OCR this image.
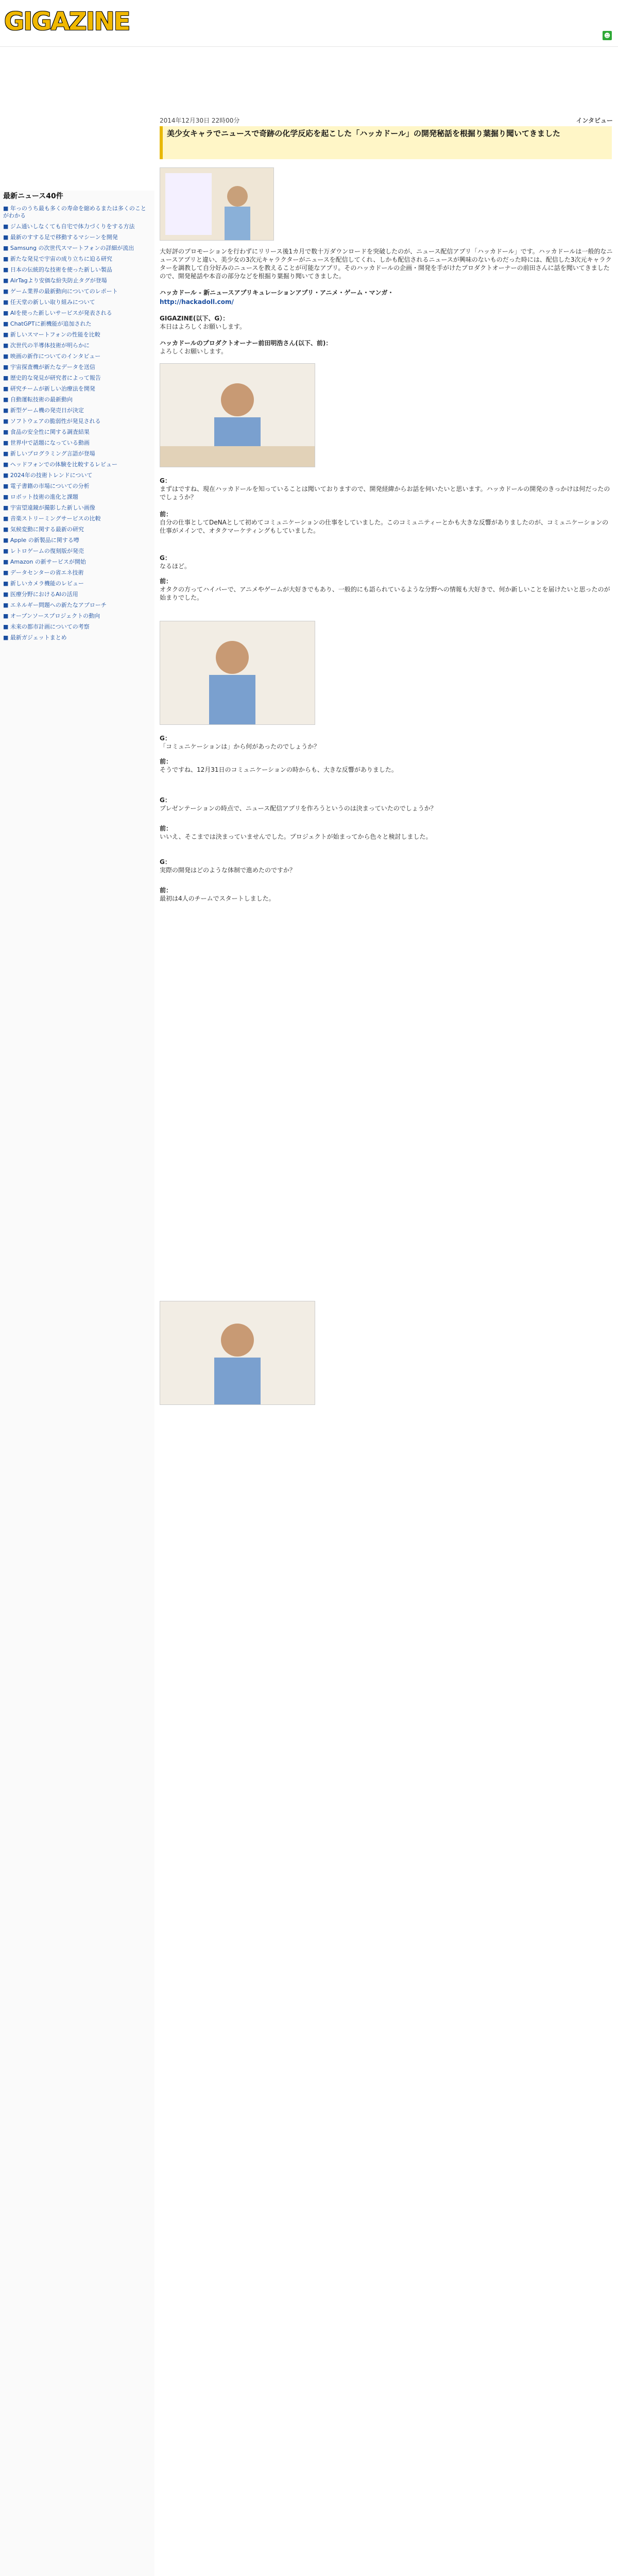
GIGAZINE	☻
最新ニュース40件
■ 年っのうち最も多くの寿命を縮めるまたは多くのことがわかる
■ ジム通いしなくても自宅で体力づくりをする方法
■ 最新のすする足で移動するマシーンを開発
■ Samsung の次世代スマートフォンの詳細が流出
■ 新たな発見で宇宙の成り立ちに迫る研究
■ 日本の伝統的な技術を使った新しい製品
■ AirTagより安価な紛失防止タグが登場
■ ゲーム業界の最新動向についてのレポート
■ 任天堂の新しい取り組みについて
■ AIを使った新しいサービスが発表される
■ ChatGPTに新機能が追加された
■ 新しいスマートフォンの性能を比較
■ 次世代の半導体技術が明らかに
■ 映画の新作についてのインタビュー
■ 宇宙探査機が新たなデータを送信
■ 歴史的な発見が研究者によって報告
■ 研究チームが新しい治療法を開発
■ 自動運転技術の最新動向
■ 新型ゲーム機の発売日が決定
■ ソフトウェアの脆弱性が発見される
■ 食品の安全性に関する調査結果
■ 世界中で話題になっている動画
■ 新しいプログラミング言語が登場
■ ヘッドフォンでの体験を比較するレビュー
■ 2024年の技術トレンドについて
■ 電子書籍の市場についての分析
■ ロボット技術の進化と課題
■ 宇宙望遠鏡が撮影した新しい画像
■ 音楽ストリーミングサービスの比較
■ 気候変動に関する最新の研究
■ Apple の新製品に関する噂
■ レトロゲームの復刻版が発売
■ Amazon の新サービスが開始
■ データセンターの省エネ技術
■ 新しいカメラ機能のレビュー
■ 医療分野におけるAIの活用
■ エネルギー問題への新たなアプローチ
■ オープンソースプロジェクトの動向
■ 未来の都市計画についての考察
■ 最新ガジェットまとめ
2014年12月30日 22時00分	インタビュー
美少女キャラでニュースで奇跡の化学反応を起こした「ハッカドール」の開発秘話を根掘り葉掘り聞いてきました
大好評のプロモーションを行わずにリリース後1カ月で数十万ダウンロードを突破したのが、ニュース配信アプリ「ハッカドール」です。ハッカドールは一般的なニュースアプリと違い、美少女の3次元キャラクターがニュースを配信してくれ、しかも配信されるニュースが興味のないものだった時には、配信した3次元キャラクターを調教して自分好みのニュースを教えることが可能なアプリ。そのハッカドールの企画・開発を手がけたプロダクトオーナーの前田さんに話を聞いてきましたので、開発秘話や本音の部分などを根掘り葉掘り聞いてきました。
ハッカドール - 新ニュースアプリキュレーションアプリ・アニメ・ゲーム・マンガ・
http://hackadoll.com/
GIGAZINE(以下、G）：
本日はよろしくお願いします。
ハッカドールのプロダクトオーナー前田明浩さん(以下、前)：
よろしくお願いします。
G：
まずはですね、現在ハッカドールを知っていることは聞いておりますので、開発経緯からお話を伺いたいと思います。ハッカドールの開発のきっかけは何だったのでしょうか？
前：
自分の仕事としてDeNAとして初めてコミュニケーションの仕事をしていました。このコミュニティーとかも大きな反響がありましたのが、コミュニケーションの仕事がメインで、オタクマーケティングもしていました。
G：
なるほど。
前：
オタクの方ってハイパーで、アニメやゲームが大好きでもあり、一般的にも語られているような分野への情報も大好きで、何か新しいことを届けたいと思ったのが始まりでした。
G：
「コミュニケーションは」から何があったのでしょうか？
前：
そうですね、12月31日のコミュニケーションの時からも、大きな反響がありました。
G：
プレゼンテーションの時点で、ニュース配信アプリを作ろうというのは決まっていたのでしょうか？
前：
いいえ、そこまでは決まっていませんでした。プロジェクトが始まってから色々と検討しました。
G：
実際の開発はどのような体制で進めたのですか？
前：
最初は4人のチームでスタートしました。
